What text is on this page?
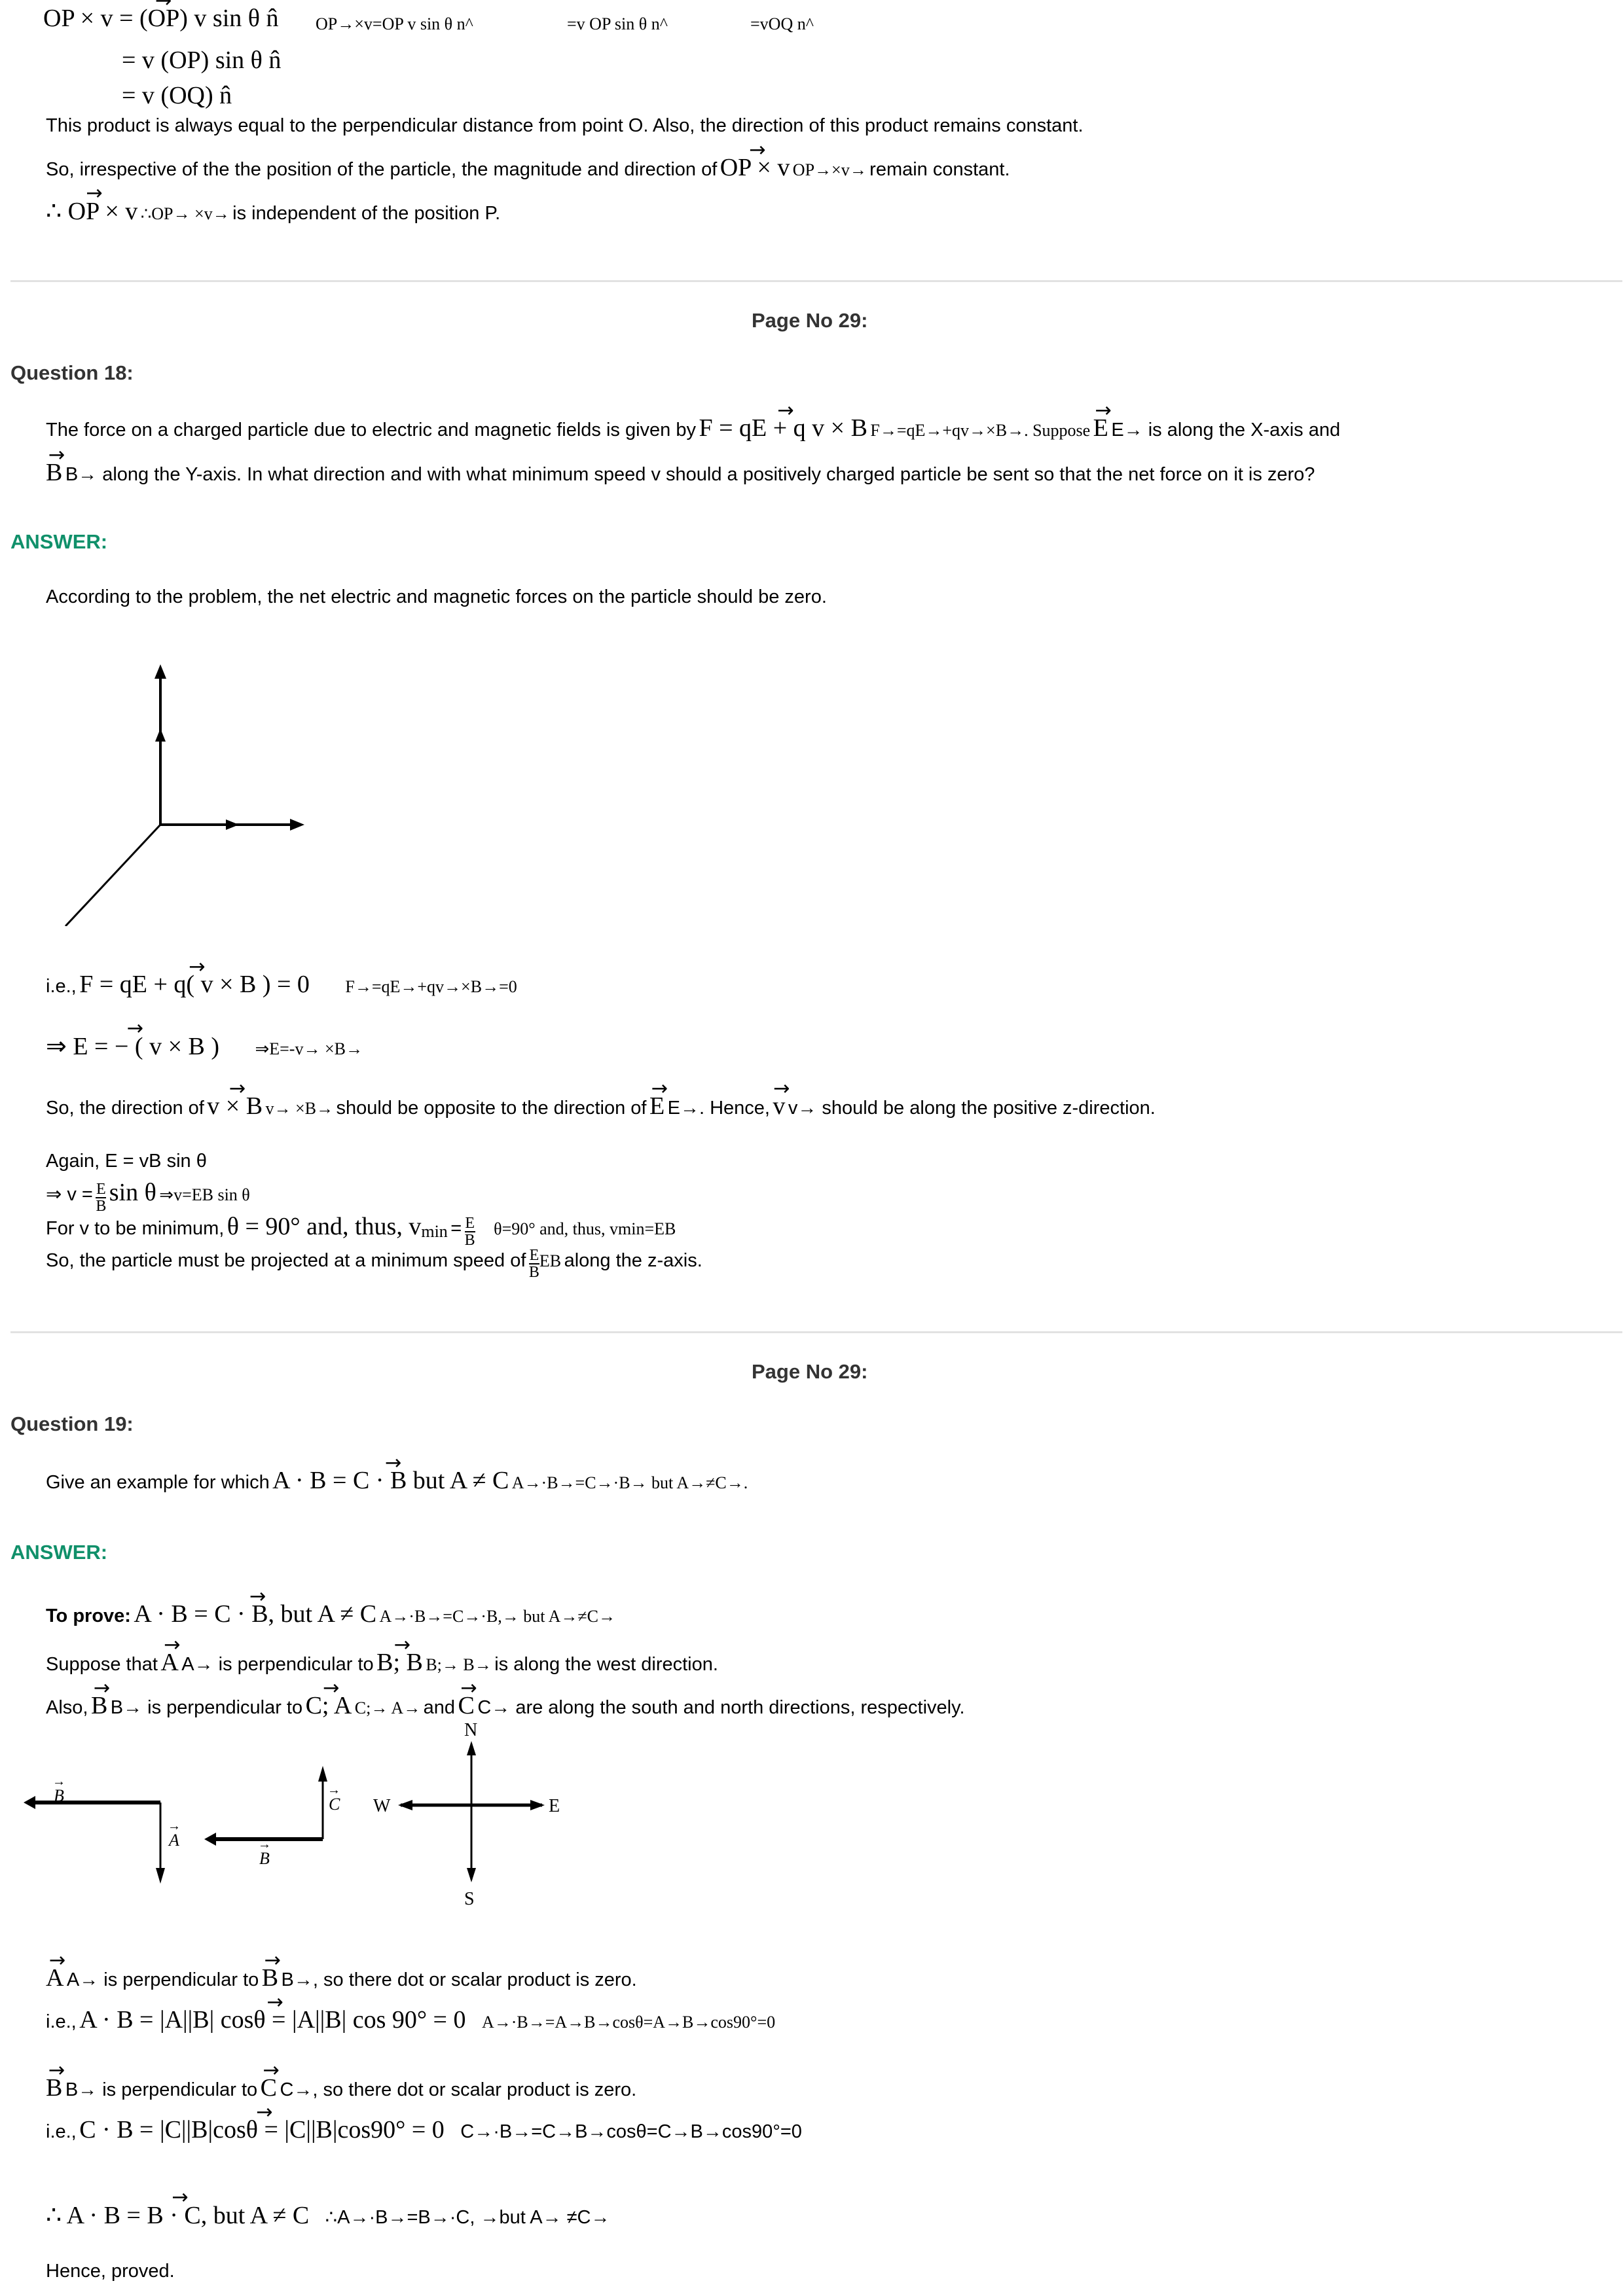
→ OP × v = (OP) v sin θ n̂ OP→×v=OP v sin θ n^	=v OP sin θ n^	=vOQ n^
= v (OP) sin θ n̂
= v (OQ) n̂
This product is always equal to the perpendicular distance from point O. Also, the direction of this product remains constant.
So, irrespective of the the position of the particle, the magnitude and direction of → OP × v OP→×v→ remain constant.
→ ∴ OP × v ∴OP→ ×v→ is independent of the position P.
Page No 29:
Question 18:
The force on a charged particle due to electric and magnetic fields is given by → F = qE + q v × B F→=qE→+qv→×B→. Suppose → E E→ is along the X-axis and
→ B B→ along the Y-axis. In what direction and with what minimum speed v should a positively charged particle be sent so that the net force on it is zero?
ANSWER:
According to the problem, the net electric and magnetic forces on the particle should be zero.
i.e., → F = qE + q( v × B ) = 0 F→=qE→+qv→×B→=0
→ ⇒ E = − ( v × B ) ⇒E=-v→ ×B→
So, the direction of → v × B v→ ×B→ should be opposite to the direction of → E E→. Hence, → v v→ should be along the positive z-direction.
Again, E = vB sin θ
⇒ $v = \frac{E}{B}$ sin θ ⇒v=EB sin θ
For v to be minimum, θ = 90° and, thus, $v_{min} = \frac{E}{B} \theta=90^\circ$ and, thus, vmin=EB
So, the particle must be projected at a minimum speed of $\frac{E}{B}$ EB along the z-axis.
Page No 29:
Question 19:
Give an example for which → A · B = C · B but A ≠ C A→·B→=C→·B→ but A→≠C→.
ANSWER:
To prove: → A · B = C · B, but A ≠ C A→·B→=C→·B,→ but A→≠C→
Suppose that → A A→ is perpendicular to → B; B B;→ B→ is along the west direction.
Also, → B B→ is perpendicular to → C; A C;→ A→ and → C C→ are along the south and north directions, respectively.
B
→
A
→
B
→
C
→
N
S
W	E
→ A A→ is perpendicular to → B B→, so there dot or scalar product is zero.
i.e., → A · B = |A||B| cosθ = |A||B| cos 90° = 0 A→·B→=A→B→cosθ=A→B→cos90°=0
→ B B→ is perpendicular to → C C→, so there dot or scalar product is zero.
i.e., → C · B = |C||B|cosθ = |C||B|cos90° = 0 C→·B→=C→B→cosθ=C→B→cos90°=0
→ ∴ A · B = B · C, but A ≠ C ∴A→·B→=B→·C, →but A→ ≠C→
Hence, proved.
